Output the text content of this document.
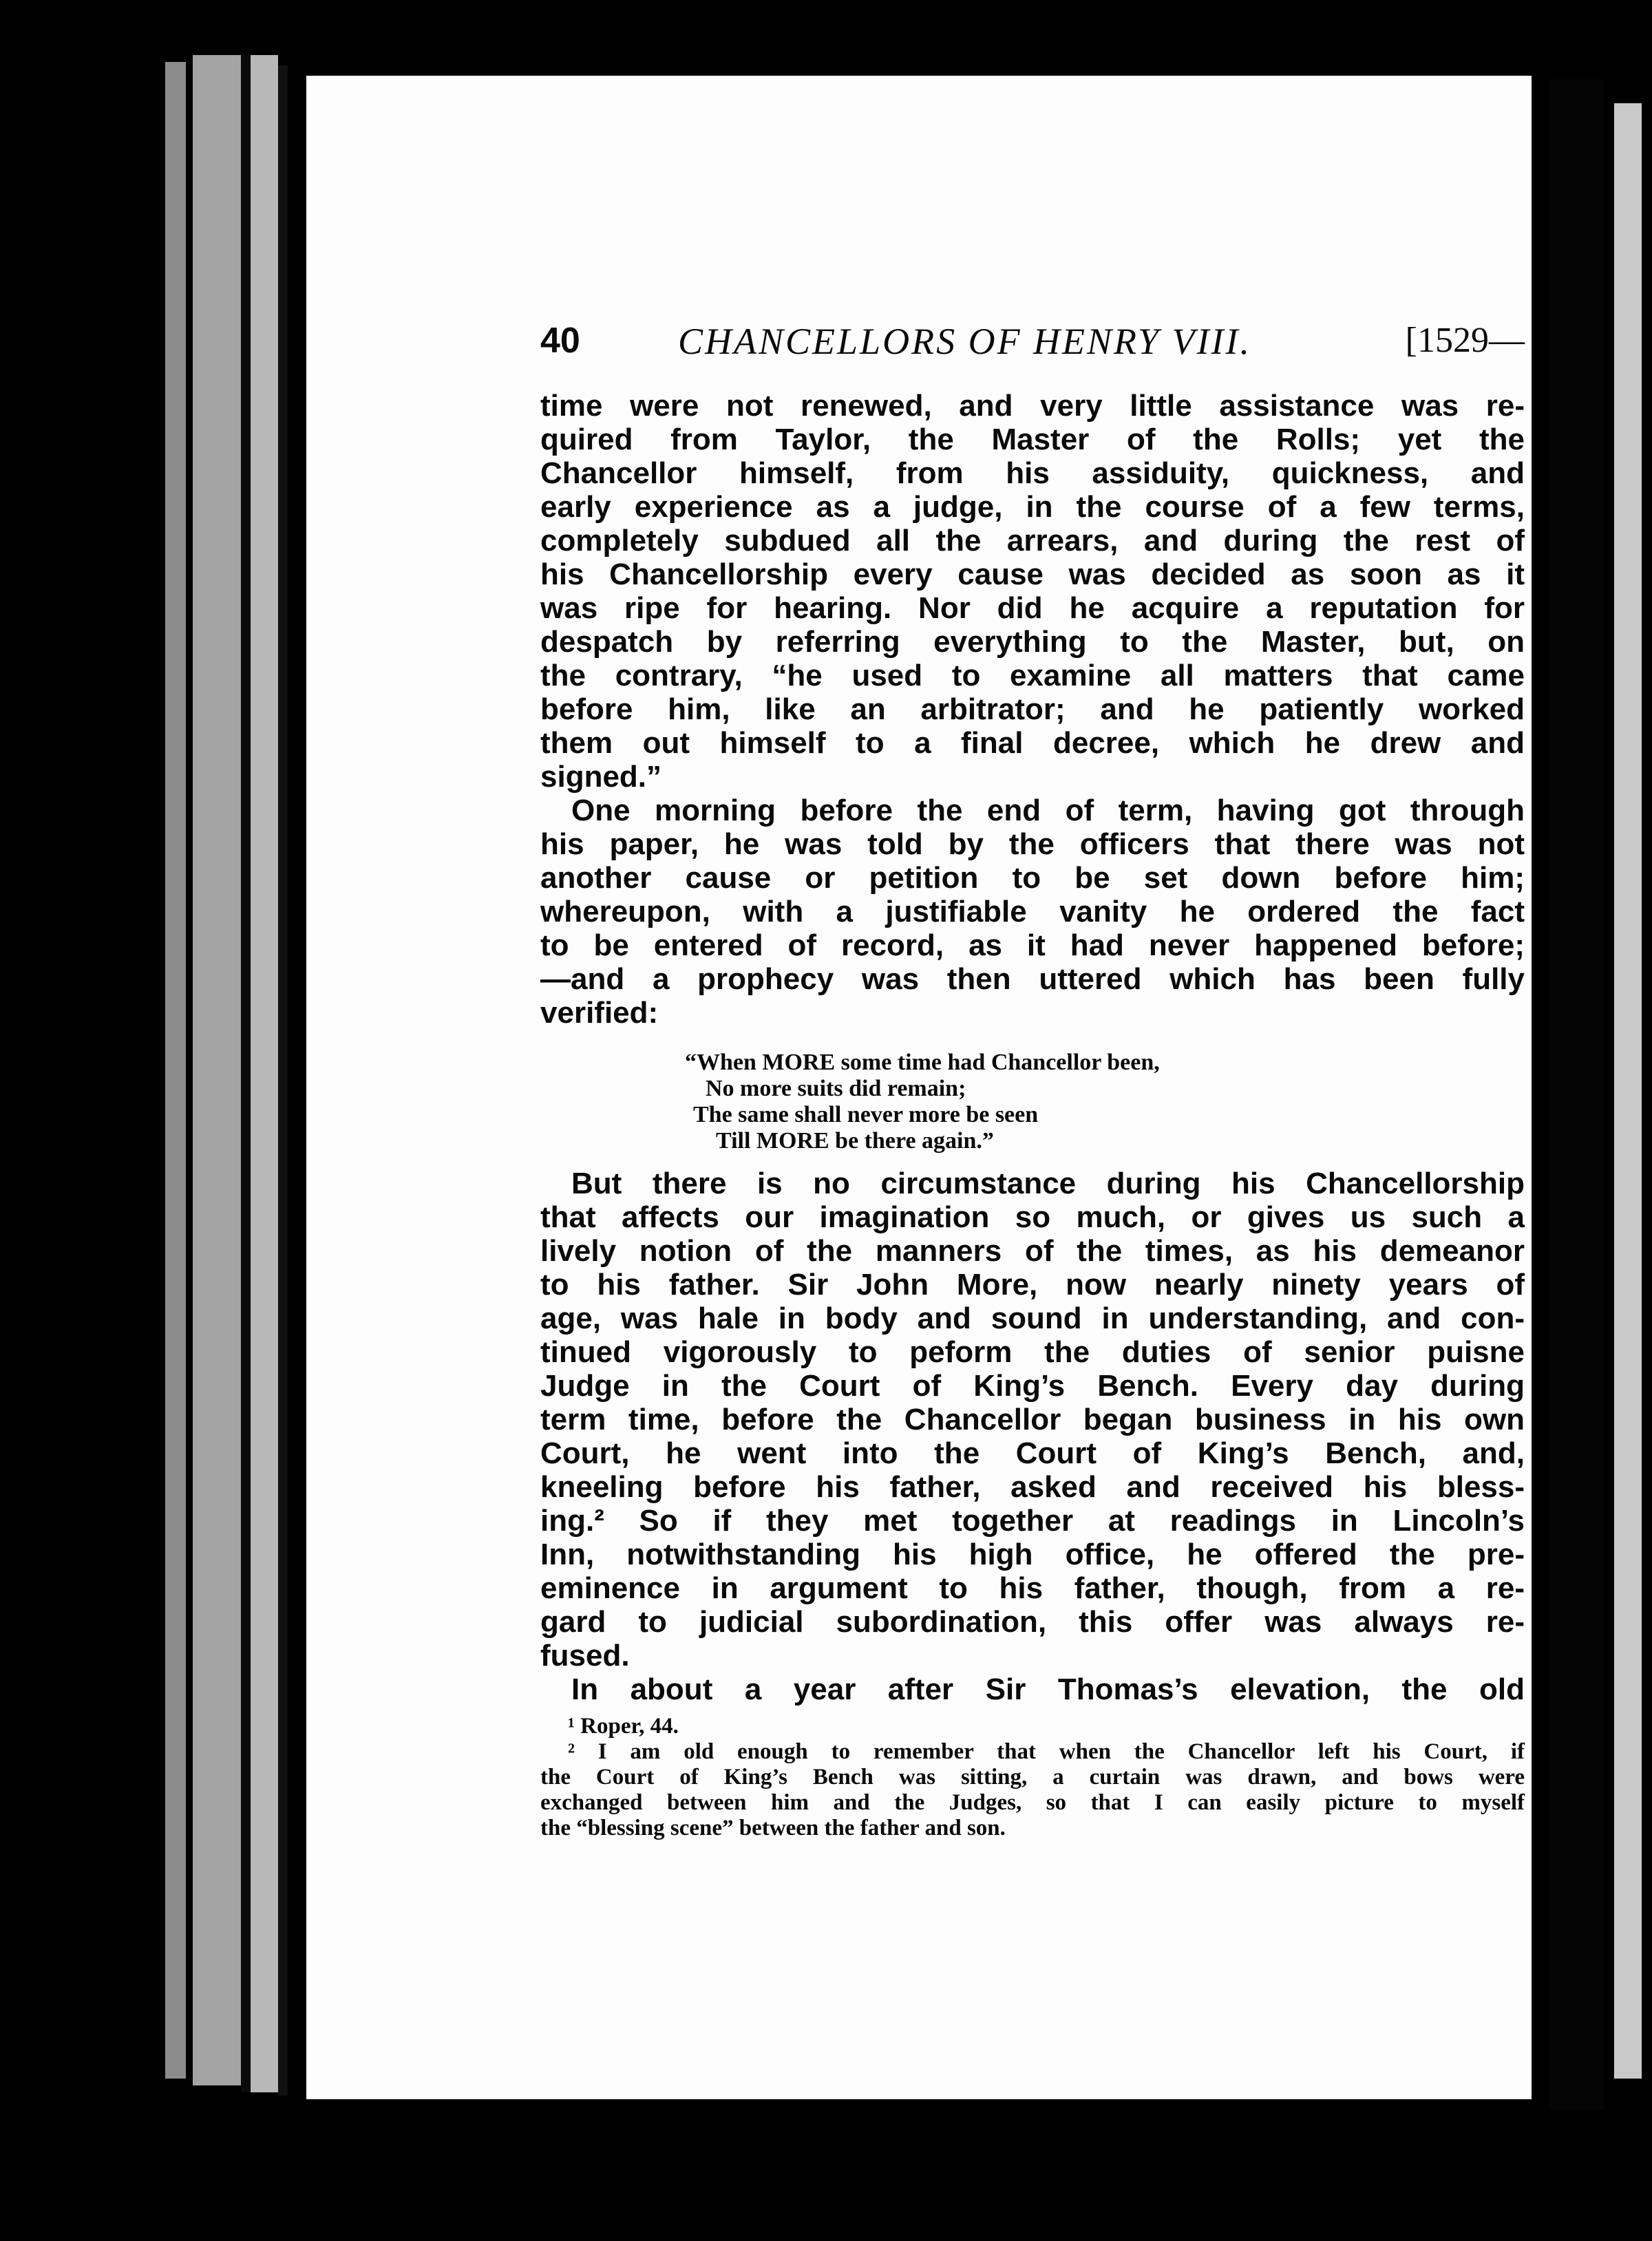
40	CHANCELLORS OF HENRY VIII.	[1529—
time were not renewed, and very little assistance was re-
quired from Taylor, the Master of the Rolls; yet the
Chancellor himself, from his assiduity, quickness, and
early experience as a judge, in the course of a few terms,
completely subdued all the arrears, and during the rest of
his Chancellorship every cause was decided as soon as it
was ripe for hearing. Nor did he acquire a reputation for
despatch by referring everything to the Master, but, on
the contrary, “he used to examine all matters that came
before him, like an arbitrator; and he patiently worked
them out himself to a final decree, which he drew and
signed.”
One morning before the end of term, having got through
his paper, he was told by the officers that there was not
another cause or petition to be set down before him;
whereupon, with a justifiable vanity he ordered the fact
to be entered of record, as it had never happened before;
—and a prophecy was then uttered which has been fully
verified:
“When MORE some time had Chancellor been,
No more suits did remain;
The same shall never more be seen
Till MORE be there again.”
But there is no circumstance during his Chancellorship
that affects our imagination so much, or gives us such a
lively notion of the manners of the times, as his demeanor
to his father. Sir John More, now nearly ninety years of
age, was hale in body and sound in understanding, and con-
tinued vigorously to peform the duties of senior puisne
Judge in the Court of King’s Bench. Every day during
term time, before the Chancellor began business in his own
Court, he went into the Court of King’s Bench, and,
kneeling before his father, asked and received his bless-
ing.² So if they met together at readings in Lincoln’s
Inn, notwithstanding his high office, he offered the pre-
eminence in argument to his father, though, from a re-
gard to judicial subordination, this offer was always re-
fused.
In about a year after Sir Thomas’s elevation, the old
¹ Roper, 44.
² I am old enough to remember that when the Chancellor left his Court, if
the Court of King’s Bench was sitting, a curtain was drawn, and bows were
exchanged between him and the Judges, so that I can easily picture to myself
the “blessing scene” between the father and son.
